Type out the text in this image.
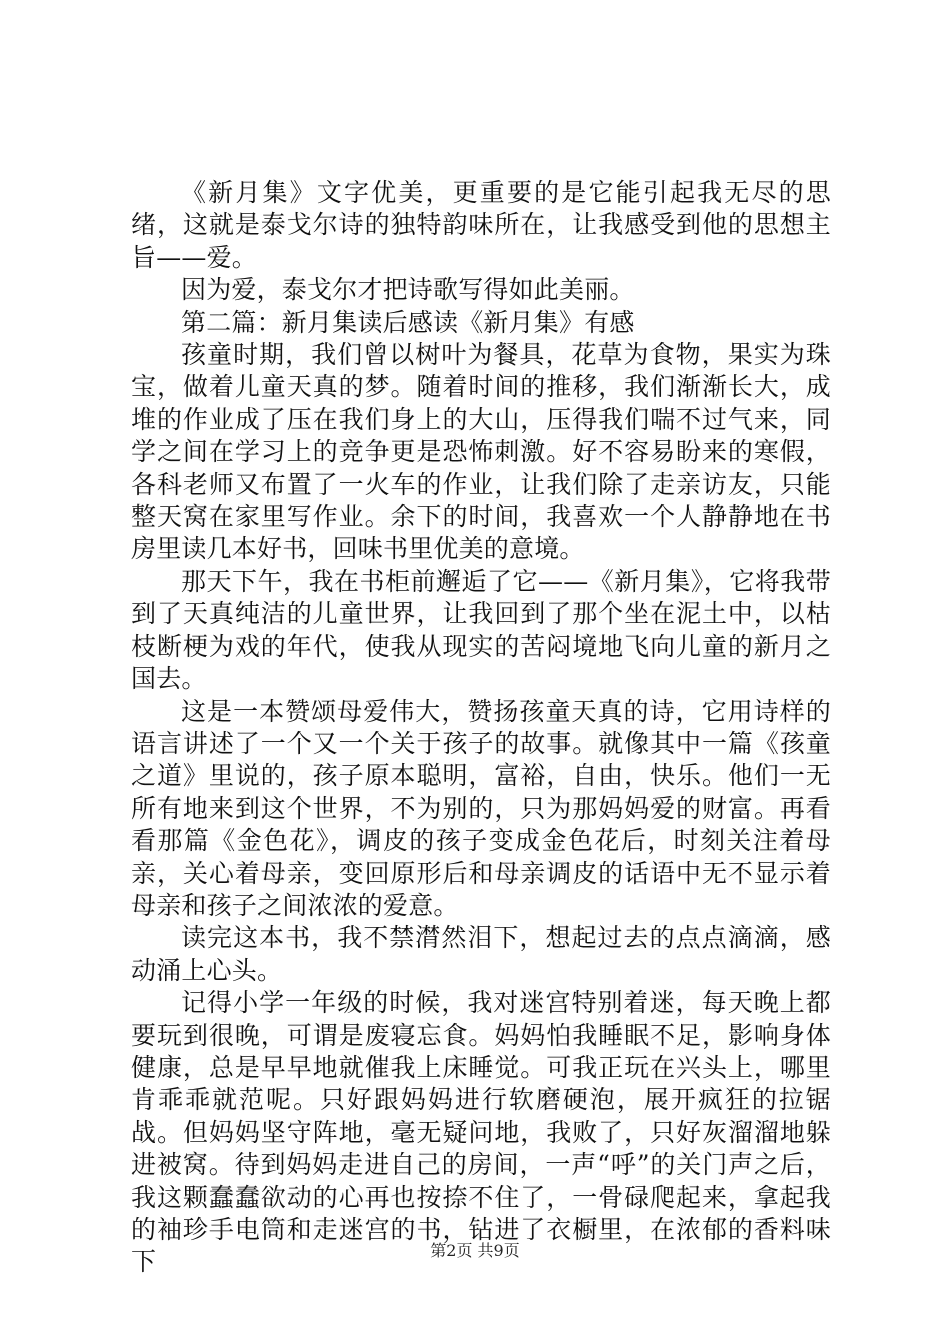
《新月集》文字优美，更重要的是它能引起我无尽的思绪，这就是泰戈尔诗的独特韵味所在，让我感受到他的思想主旨——爱。

因为爱，泰戈尔才把诗歌写得如此美丽。

第二篇：新月集读后感读《新月集》有感

孩童时期，我们曾以树叶为餐具，花草为食物，果实为珠宝，做着儿童天真的梦。随着时间的推移，我们渐渐长大，成堆的作业成了压在我们身上的大山，压得我们喘不过气来，同学之间在学习上的竞争更是恐怖刺激。好不容易盼来的寒假，各科老师又布置了一火车的作业，让我们除了走亲访友，只能整天窝在家里写作业。余下的时间，我喜欢一个人静静地在书房里读几本好书，回味书里优美的意境。

那天下午，我在书柜前邂逅了它——《新月集》，它将我带到了天真纯洁的儿童世界，让我回到了那个坐在泥土中，以枯枝断梗为戏的年代，使我从现实的苦闷境地飞向儿童的新月之国去。

这是一本赞颂母爱伟大，赞扬孩童天真的诗，它用诗样的语言讲述了一个又一个关于孩子的故事。就像其中一篇《孩童之道》里说的，孩子原本聪明，富裕，自由，快乐。他们一无所有地来到这个世界，不为别的，只为那妈妈爱的财富。再看看那篇《金色花》，调皮的孩子变成金色花后，时刻关注着母亲，关心着母亲，变回原形后和母亲调皮的话语中无不显示着母亲和孩子之间浓浓的爱意。

读完这本书，我不禁潸然泪下，想起过去的点点滴滴，感动涌上心头。

记得小学一年级的时候，我对迷宫特别着迷，每天晚上都要玩到很晚，可谓是废寝忘食。妈妈怕我睡眠不足，影响身体健康，总是早早地就催我上床睡觉。可我正玩在兴头上，哪里肯乖乖就范呢。只好跟妈妈进行软磨硬泡，展开疯狂的拉锯战。但妈妈坚守阵地，毫无疑问地，我败了，只好灰溜溜地躲进被窝。待到妈妈走进自己的房间，一声“呼”的关门声之后，我这颗蠢蠢欲动的心再也按捺不住了，一骨碌爬起来，拿起我的袖珍手电筒和走迷宫的书，钻进了衣橱里，在浓郁的香料味下	第2页 共9页
